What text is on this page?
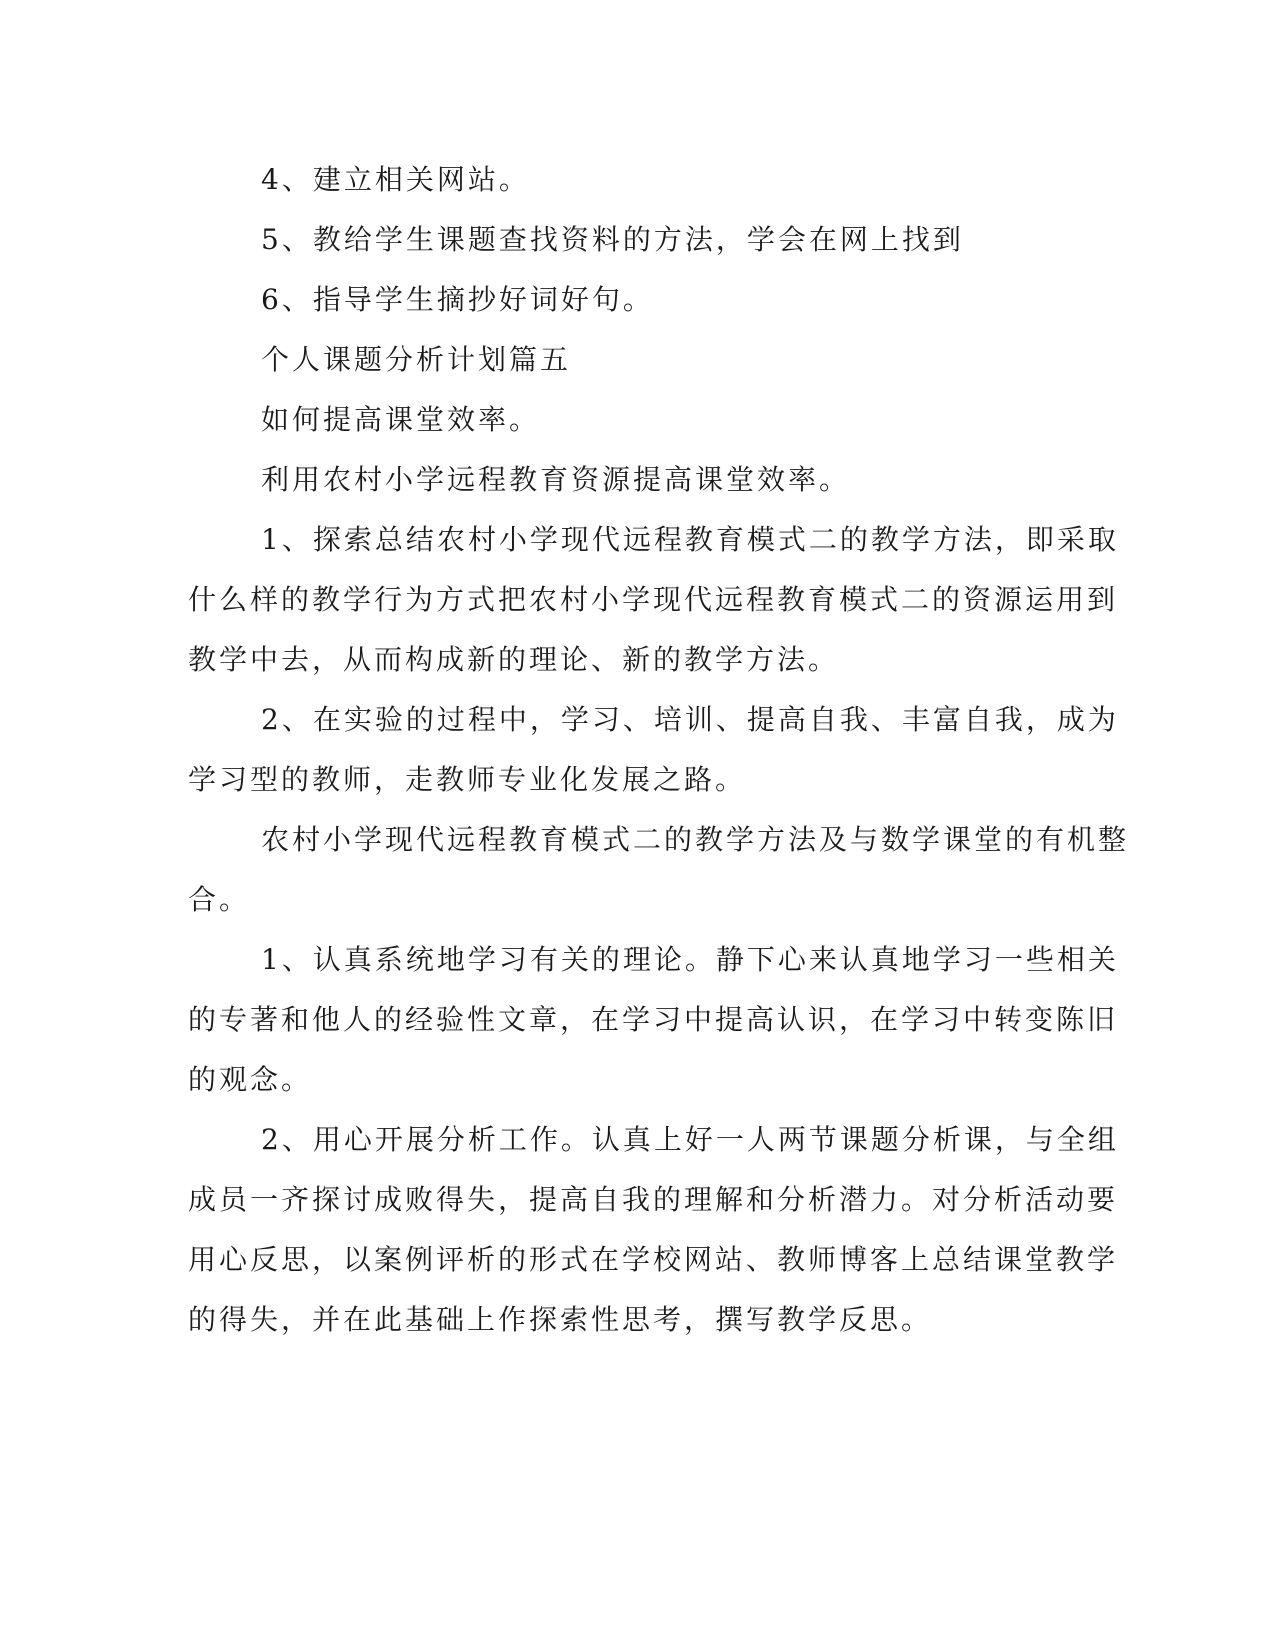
4、建立相关网站。
5、教给学生课题查找资料的方法，学会在网上找到
6、指导学生摘抄好词好句。
个人课题分析计划篇五
如何提高课堂效率。
利用农村小学远程教育资源提高课堂效率。
1、探索总结农村小学现代远程教育模式二的教学方法，即采取
什么样的教学行为方式把农村小学现代远程教育模式二的资源运用到
教学中去，从而构成新的理论、新的教学方法。
2、在实验的过程中，学习、培训、提高自我、丰富自我，成为
学习型的教师，走教师专业化发展之路。
农村小学现代远程教育模式二的教学方法及与数学课堂的有机整
合。
1、认真系统地学习有关的理论。静下心来认真地学习一些相关
的专著和他人的经验性文章，在学习中提高认识，在学习中转变陈旧
的观念。
2、用心开展分析工作。认真上好一人两节课题分析课，与全组
成员一齐探讨成败得失，提高自我的理解和分析潜力。对分析活动要
用心反思，以案例评析的形式在学校网站、教师博客上总结课堂教学
的得失，并在此基础上作探索性思考，撰写教学反思。
